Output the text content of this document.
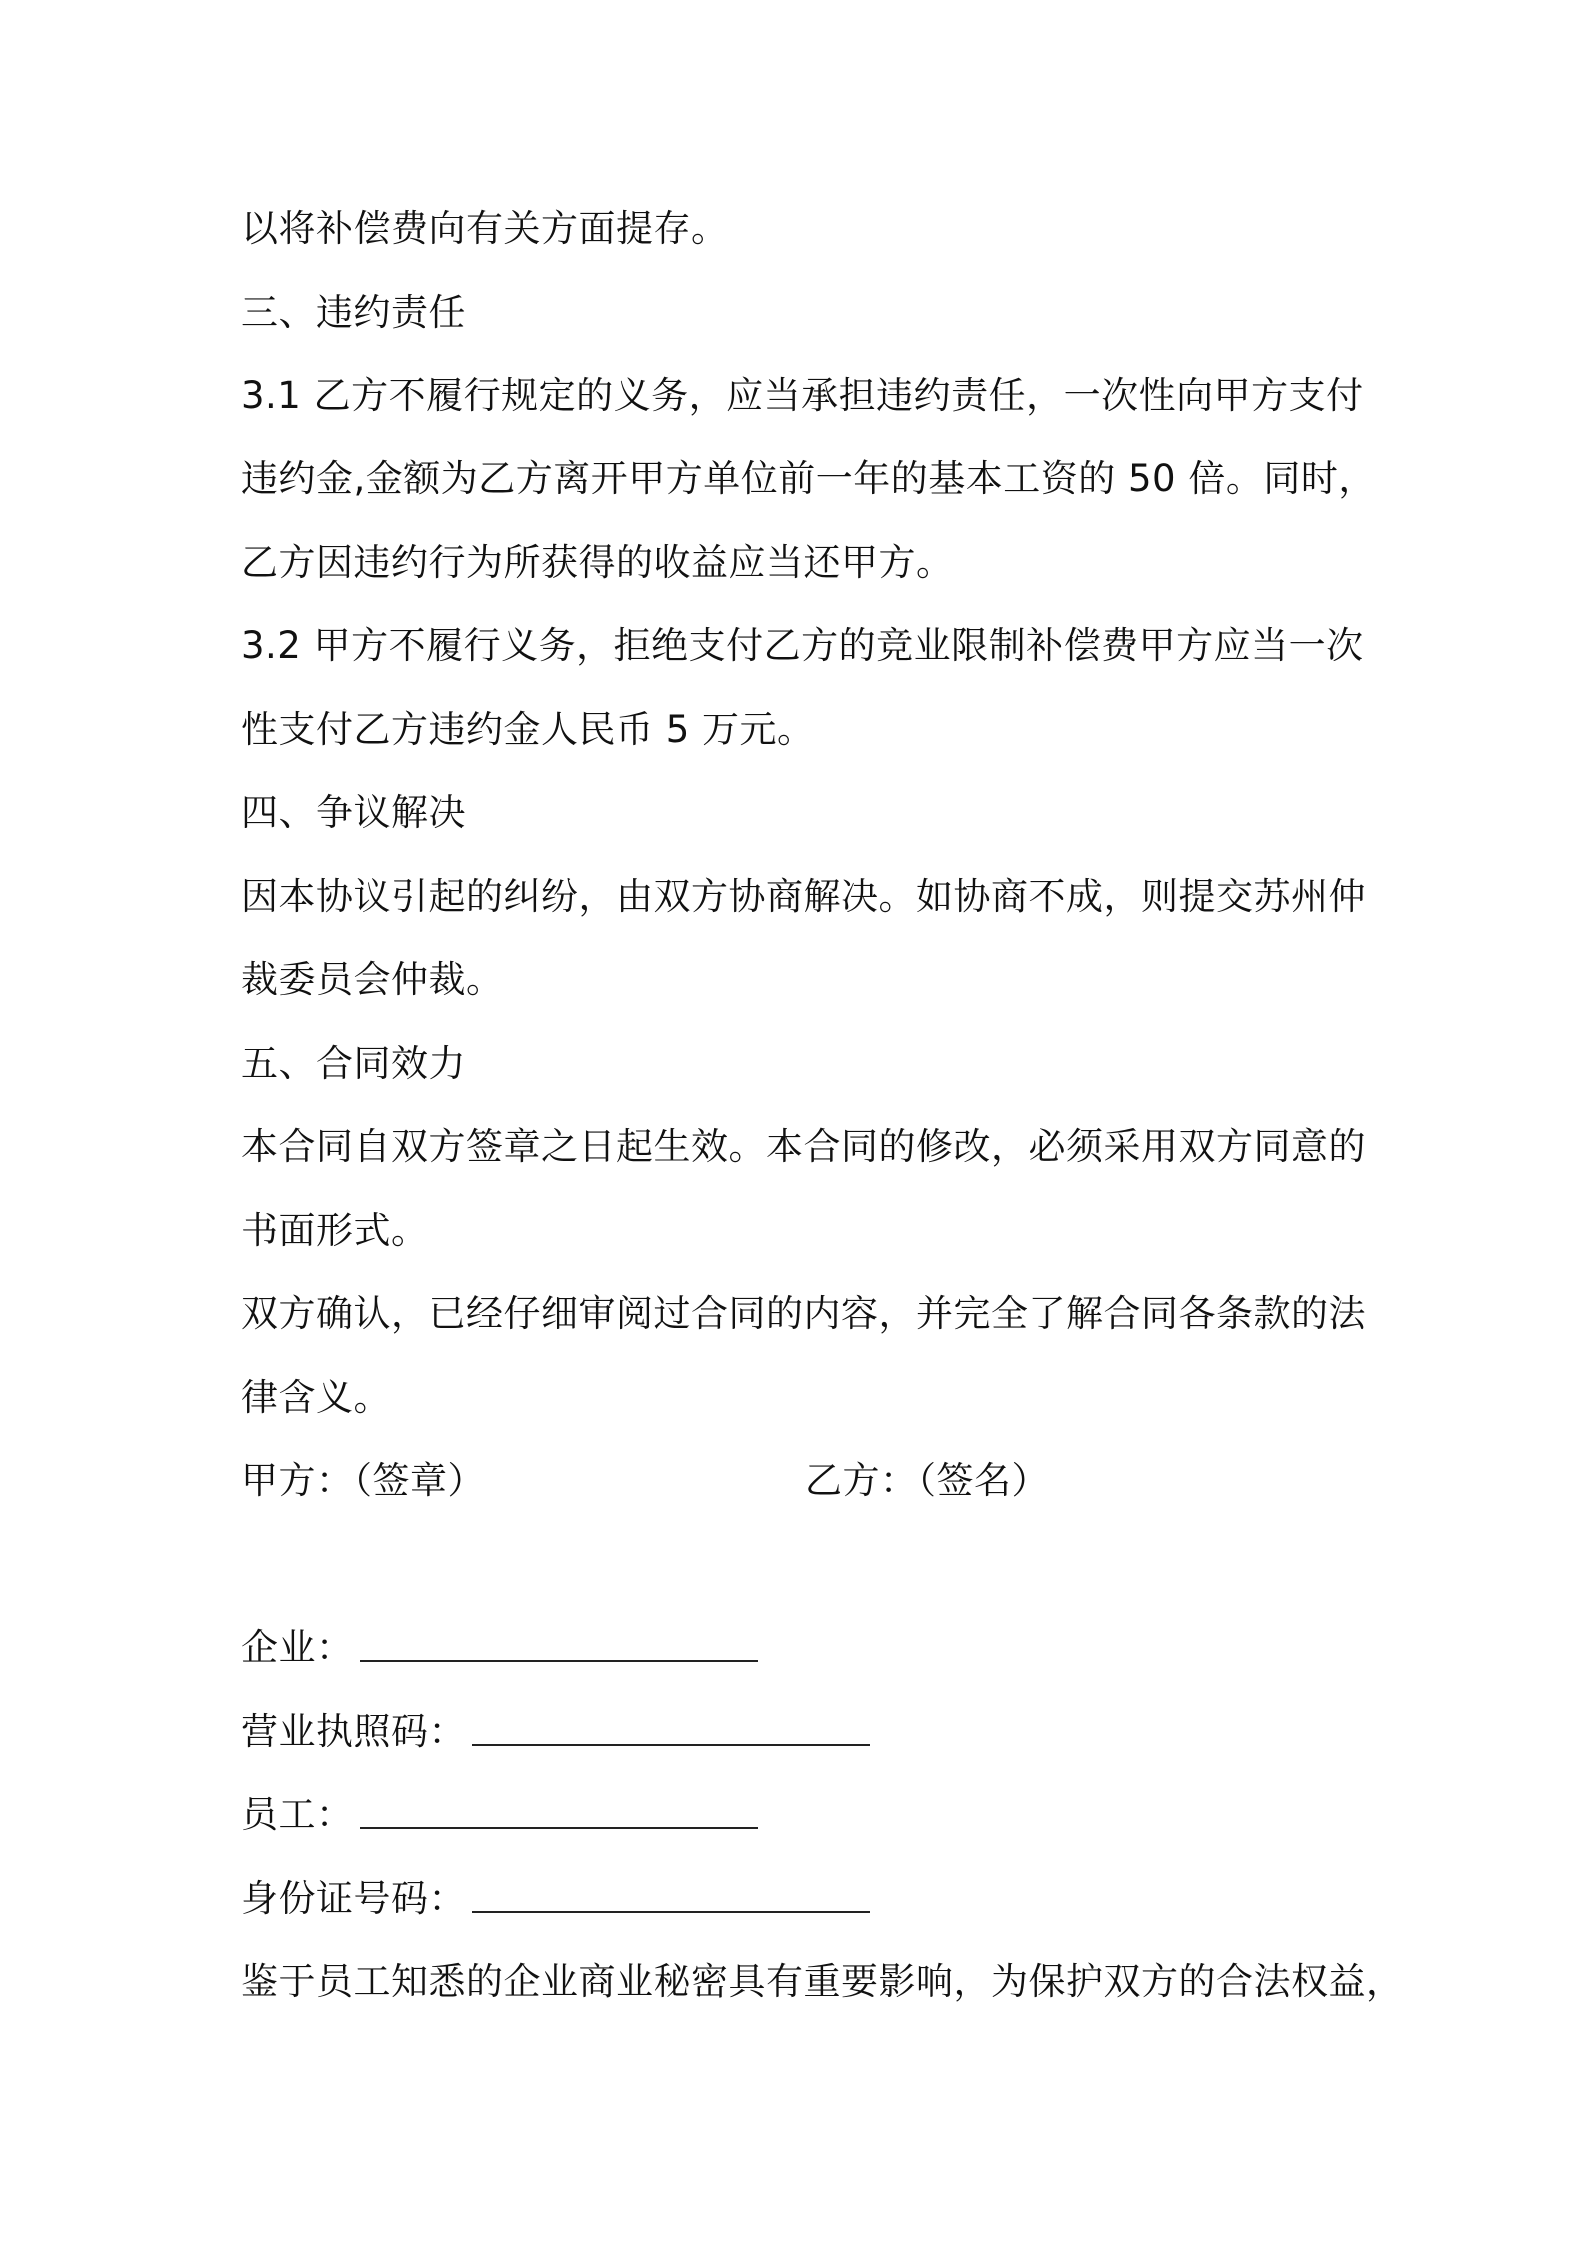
以将补偿费向有关方面提存。
三、违约责任
3.1 乙方不履行规定的义务，应当承担违约责任，一次性向甲方支付
违约金,金额为乙方离开甲方单位前一年的基本工资的 50 倍。同时，
乙方因违约行为所获得的收益应当还甲方。
3.2 甲方不履行义务，拒绝支付乙方的竞业限制补偿费甲方应当一次
性支付乙方违约金人民币 5 万元。
四、争议解决
因本协议引起的纠纷，由双方协商解决。如协商不成，则提交苏州仲
裁委员会仲裁。
五、合同效力
本合同自双方签章之日起生效。本合同的修改，必须采用双方同意的
书面形式。
双方确认，已经仔细审阅过合同的内容，并完全了解合同各条款的法
律含义。
甲方：（签章）	乙方：（签名）
企业：
营业执照码：
员工：
身份证号码：
鉴于员工知悉的企业商业秘密具有重要影响，为保护双方的合法权益，
